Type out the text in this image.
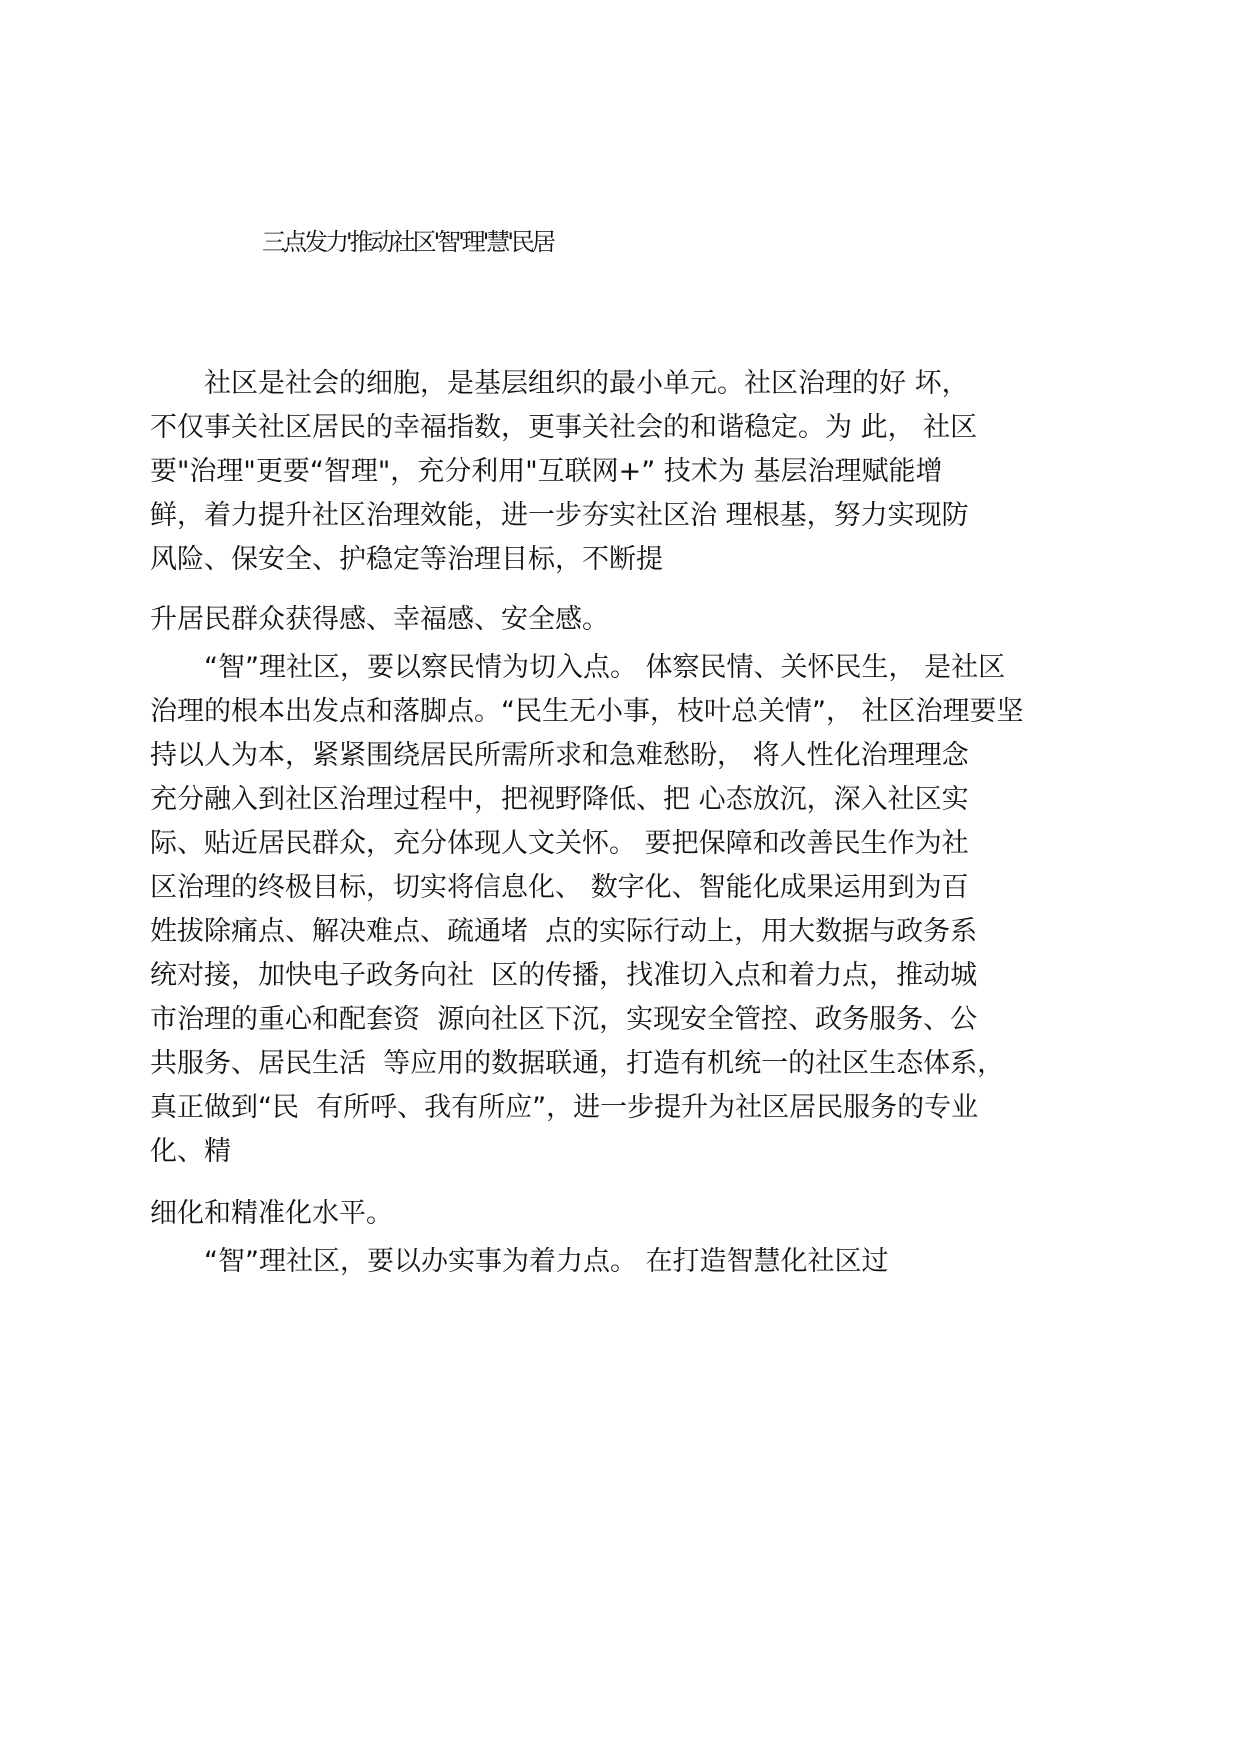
三点发力'推动社区'智'理'慧'民居
　　社区是社会的细胞，是基层组织的最小单元。社区治理的好 坏，
不仅事关社区居民的幸福指数，更事关社会的和谐稳定。为 此， 社区
要"治理"更要“智理"，充分利用"互联网+” 技术为 基层治理赋能增
鲜，着力提升社区治理效能，进一步夯实社区治 理根基，努力实现防
风险、保安全、护稳定等治理目标，不断提
升居民群众获得感、幸福感、安全感。
　　“智”理社区，要以察民情为切入点。 体察民情、关怀民生， 是社区
治理的根本出发点和落脚点。“民生无小事，枝叶总关情”， 社区治理要坚
持以人为本，紧紧围绕居民所需所求和急难愁盼， 将人性化治理理念
充分融入到社区治理过程中，把视野降低、把 心态放沉，深入社区实
际、贴近居民群众，充分体现人文关怀。 要把保障和改善民生作为社
区治理的终极目标，切实将信息化、 数字化、智能化成果运用到为百
姓拔除痛点、解决难点、疏通堵  点的实际行动上，用大数据与政务系
统对接，加快电子政务向社  区的传播，找准切入点和着力点，推动城
市治理的重心和配套资  源向社区下沉，实现安全管控、政务服务、公
共服务、居民生活  等应用的数据联通，打造有机统一的社区生态体系，
真正做到“民  有所呼、我有所应”，进一步提升为社区居民服务的专业
化、精
细化和精准化水平。
　　“智”理社区，要以办实事为着力点。 在打造智慧化社区过
